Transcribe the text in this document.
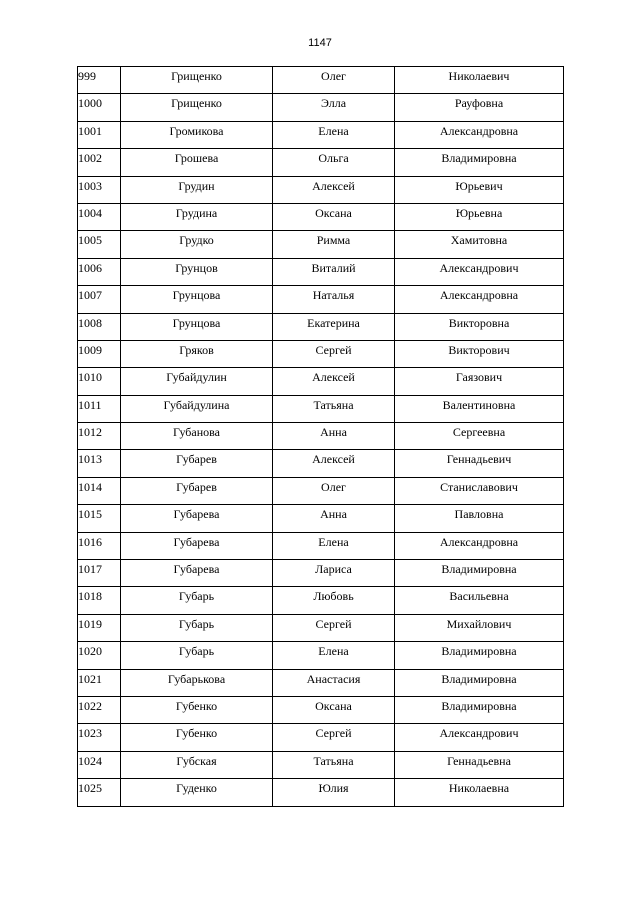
1147
999	Грищенко	Олег	Николаевич
1000	Грищенко	Элла	Рауфовна
1001	Громикова	Елена	Александровна
1002	Грошева	Ольга	Владимировна
1003	Грудин	Алексей	Юрьевич
1004	Грудина	Оксана	Юрьевна
1005	Грудко	Римма	Хамитовна
1006	Грунцов	Виталий	Александрович
1007	Грунцова	Наталья	Александровна
1008	Грунцова	Екатерина	Викторовна
1009	Гряков	Сергей	Викторович
1010	Губайдулин	Алексей	Гаязович
1011	Губайдулина	Татьяна	Валентиновна
1012	Губанова	Анна	Сергеевна
1013	Губарев	Алексей	Геннадьевич
1014	Губарев	Олег	Станиславович
1015	Губарева	Анна	Павловна
1016	Губарева	Елена	Александровна
1017	Губарева	Лариса	Владимировна
1018	Губарь	Любовь	Васильевна
1019	Губарь	Сергей	Михайлович
1020	Губарь	Елена	Владимировна
1021	Губарькова	Анастасия	Владимировна
1022	Губенко	Оксана	Владимировна
1023	Губенко	Сергей	Александрович
1024	Губская	Татьяна	Геннадьевна
1025	Гуденко	Юлия	Николаевна
